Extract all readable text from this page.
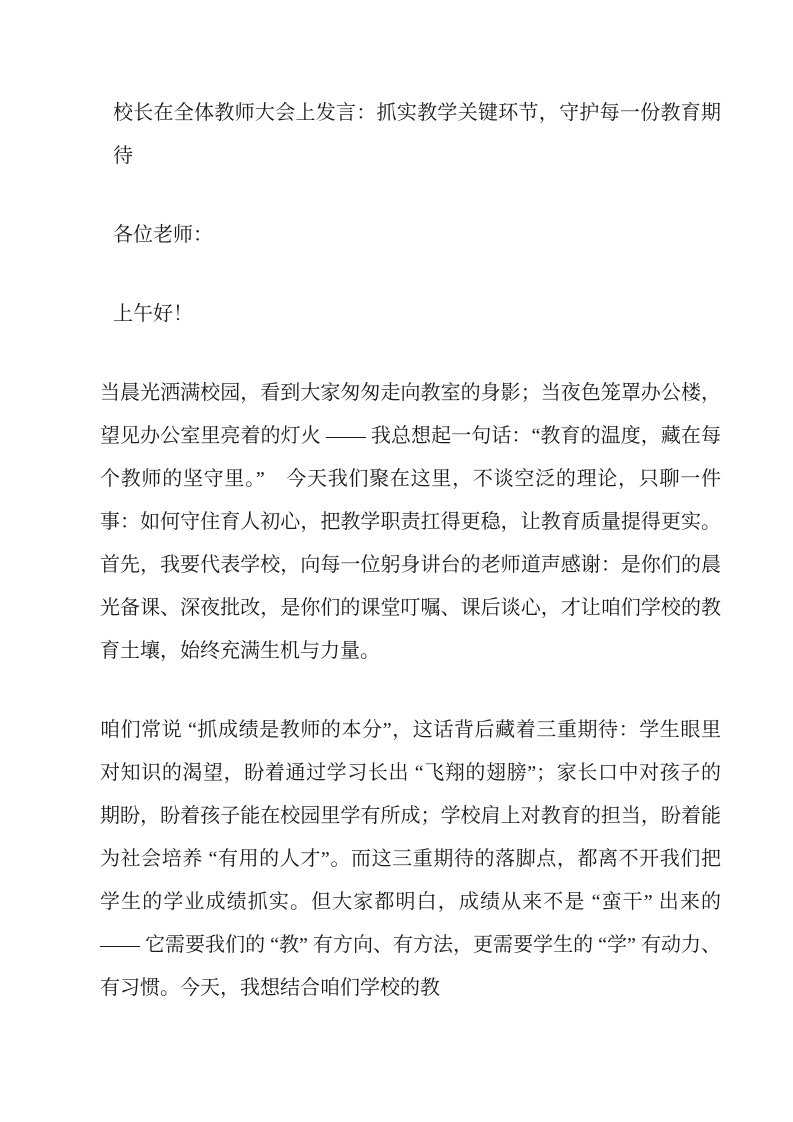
校长在全体教师大会上发言：抓实教学关键环节，守护每一份教育期待

各位老师：

上午好！

当晨光洒满校园，看到大家匆匆走向教室的身影；当夜色笼罩办公楼，望见办公室里亮着的灯火 —— 我总想起一句话：“教育的温度，藏在每个教师的坚守里。”　今天我们聚在这里，不谈空泛的理论，只聊一件事：如何守住育人初心，把教学职责扛得更稳，让教育质量提得更实。首先，我要代表学校，向每一位躬身讲台的老师道声感谢：是你们的晨光备课、深夜批改，是你们的课堂叮嘱、课后谈心，才让咱们学校的教育土壤，始终充满生机与力量。

咱们常说 “抓成绩是教师的本分”，这话背后藏着三重期待：学生眼里对知识的渴望，盼着通过学习长出 “飞翔的翅膀”；家长口中对孩子的期盼，盼着孩子能在校园里学有所成；学校肩上对教育的担当，盼着能为社会培养 “有用的人才”。而这三重期待的落脚点，都离不开我们把学生的学业成绩抓实。但大家都明白，成绩从来不是 “蛮干” 出来的 —— 它需要我们的 “教” 有方向、有方法，更需要学生的 “学” 有动力、有习惯。今天，我想结合咱们学校的教
